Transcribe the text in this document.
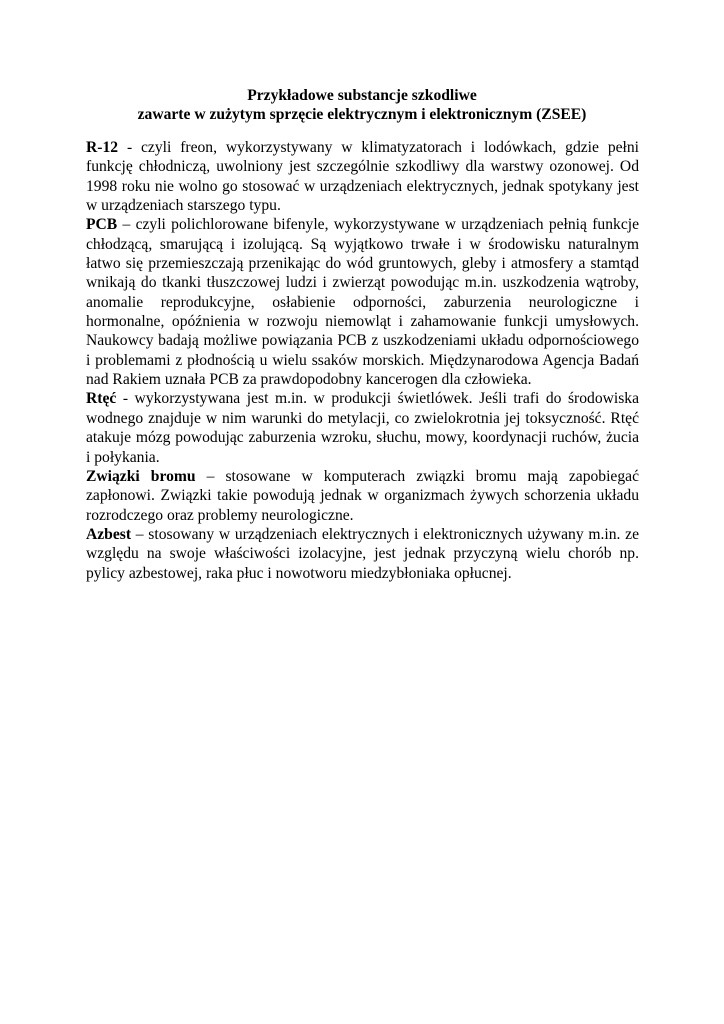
Przykładowe substancje szkodliwe
zawarte w zużytym sprzęcie elektrycznym i elektronicznym (ZSEE)

R-12 - czyli freon, wykorzystywany w klimatyzatorach i lodówkach, gdzie pełni funkcję chłodniczą, uwolniony jest szczególnie szkodliwy dla warstwy ozonowej. Od 1998 roku nie wolno go stosować w urządzeniach elektrycznych, jednak spotykany jest w urządzeniach starszego typu.

PCB – czyli polichlorowane bifenyle, wykorzystywane w urządzeniach pełnią funkcje chłodzącą, smarującą i izolującą. Są wyjątkowo trwałe i w środowisku naturalnym łatwo się przemieszczają przenikając do wód gruntowych, gleby i atmosfery a stamtąd wnikają do tkanki tłuszczowej ludzi i zwierząt powodując m.in. uszkodzenia wątroby, anomalie reprodukcyjne, osłabienie odporności, zaburzenia neurologiczne i hormonalne, opóźnienia w rozwoju niemowląt i zahamowanie funkcji umysłowych. Naukowcy badają możliwe powiązania PCB z uszkodzeniami układu odpornościowego i problemami z płodnością u wielu ssaków morskich. Międzynarodowa Agencja Badań nad Rakiem uznała PCB za prawdopodobny kancerogen dla człowieka.

Rtęć - wykorzystywana jest m.in. w produkcji świetlówek. Jeśli trafi do środowiska wodnego znajduje w nim warunki do metylacji, co zwielokrotnia jej toksyczność. Rtęć atakuje mózg powodując zaburzenia wzroku, słuchu, mowy, koordynacji ruchów, żucia i połykania.

Związki bromu – stosowane w komputerach związki bromu mają zapobiegać zapłonowi. Związki takie powodują jednak w organizmach żywych schorzenia układu rozrodczego oraz problemy neurologiczne.

Azbest – stosowany w urządzeniach elektrycznych i elektronicznych używany m.in. ze względu na swoje właściwości izolacyjne, jest jednak przyczyną wielu chorób np. pylicy azbestowej, raka płuc i nowotworu miedzybłoniaka opłucnej.
